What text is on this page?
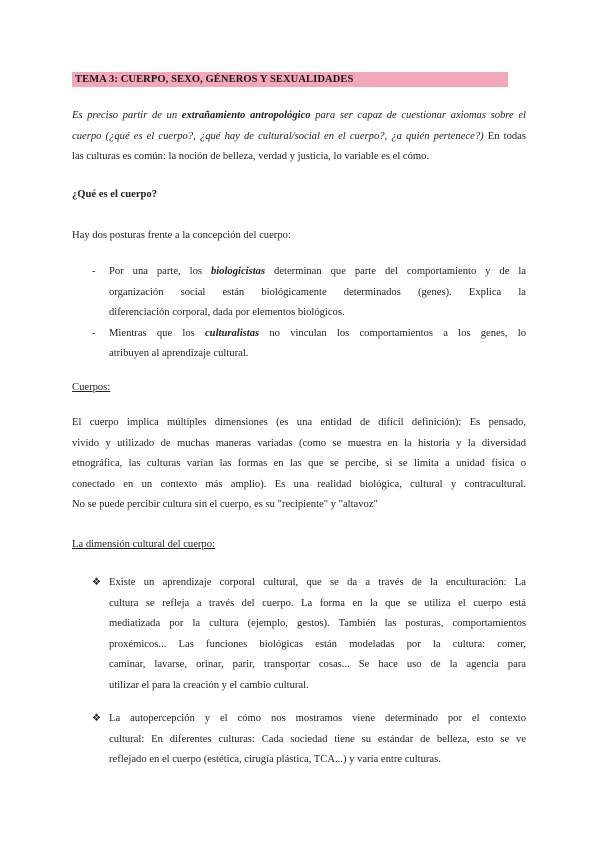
TEMA 3: CUERPO, SEXO, GÉNEROS Y SEXUALIDADES
Es preciso partir de un extrañamiento antropológico para ser capaz de cuestionar axiomas sobre el
cuerpo (¿qué es el cuerpo?, ¿qué hay de cultural/social en el cuerpo?, ¿a quién pertenece?) En todas
las culturas es común: la noción de belleza, verdad y justicia, lo variable es el cómo.
¿Qué es el cuerpo?
Hay dos posturas frente a la concepción del cuerpo:
- Por una parte, los biologicistas determinan que parte del comportamiento y de la
organización social están biológicamente determinados (genes). Explica la
diferenciación corporal, dada por elementos biológicos.
- Mientras que los culturalistas no vinculan los comportamientos a los genes, lo
atribuyen al aprendizaje cultural.
Cuerpos:
El cuerpo implica múltiples dimensiones (es una entidad de difícil definición): Es pensado,
vivido y utilizado de muchas maneras variadas (como se muestra en la historia y la diversidad
etnográfica, las culturas varían las formas en las que se percibe, si se limita a unidad física o
conectado en un contexto más amplio). Es una realidad biológica, cultural y contracultural.
No se puede percibir cultura sin el cuerpo, es su "recipiente" y "altavoz"
La dimensión cultural del cuerpo:
❖ Existe un aprendizaje corporal cultural, que se da a través de la enculturación: La
cultura se refleja a través del cuerpo. La forma en la que se utiliza el cuerpo está
mediatizada por la cultura (ejemplo, gestos). También las posturas, comportamientos
proxémicos... Las funciones biológicas están modeladas por la cultura: comer,
caminar, lavarse, orinar, parir, transportar cosas... Se hace uso de la agencia para
utilizar el para la creación y el cambio cultural.
❖ La autopercepción y el cómo nos mostramos viene determinado por el contexto
cultural: En diferentes culturas: Cada sociedad tiene su estándar de belleza, esto se ve
reflejado en el cuerpo (estética, cirugía plástica, TCA...) y varía entre culturas.
